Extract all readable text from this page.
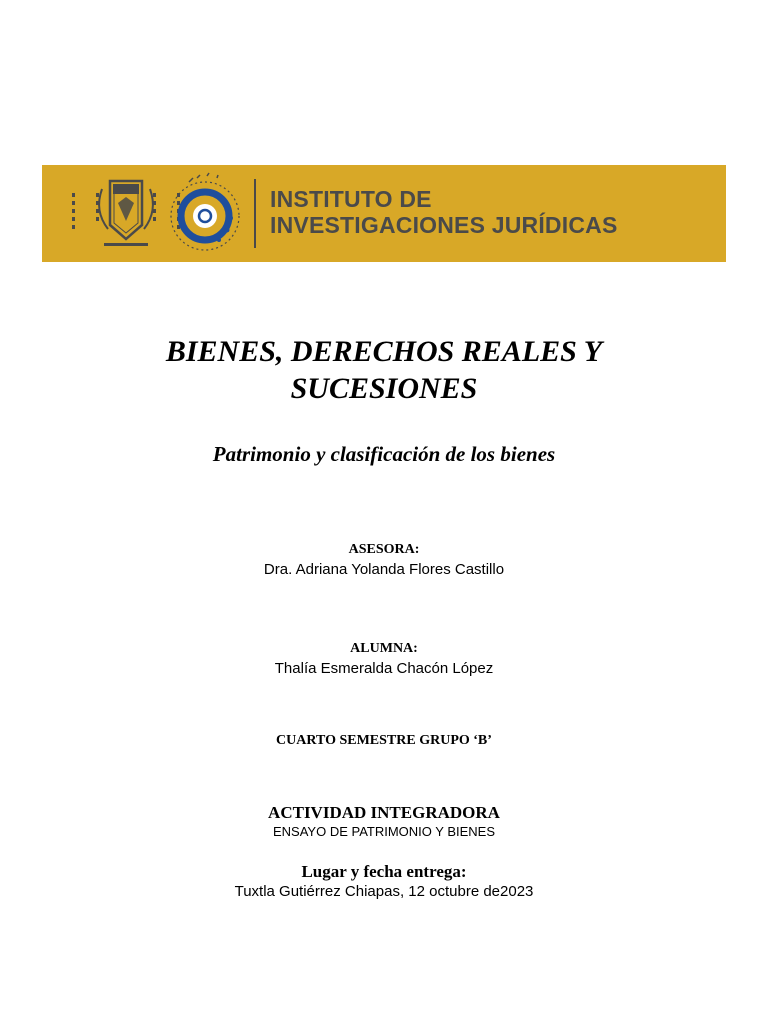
INSTITUTO DE
INVESTIGACIONES JURÍDICAS
BIENES, DERECHOS REALES Y
SUCESIONES
Patrimonio y clasificación de los bienes
ASESORA:
Dra. Adriana Yolanda Flores Castillo
ALUMNA:
Thalía Esmeralda Chacón López
CUARTO SEMESTRE GRUPO ‘B’
ACTIVIDAD INTEGRADORA
ENSAYO DE PATRIMONIO Y BIENES
Lugar y fecha entrega:
Tuxtla Gutiérrez Chiapas, 12 octubre de2023
